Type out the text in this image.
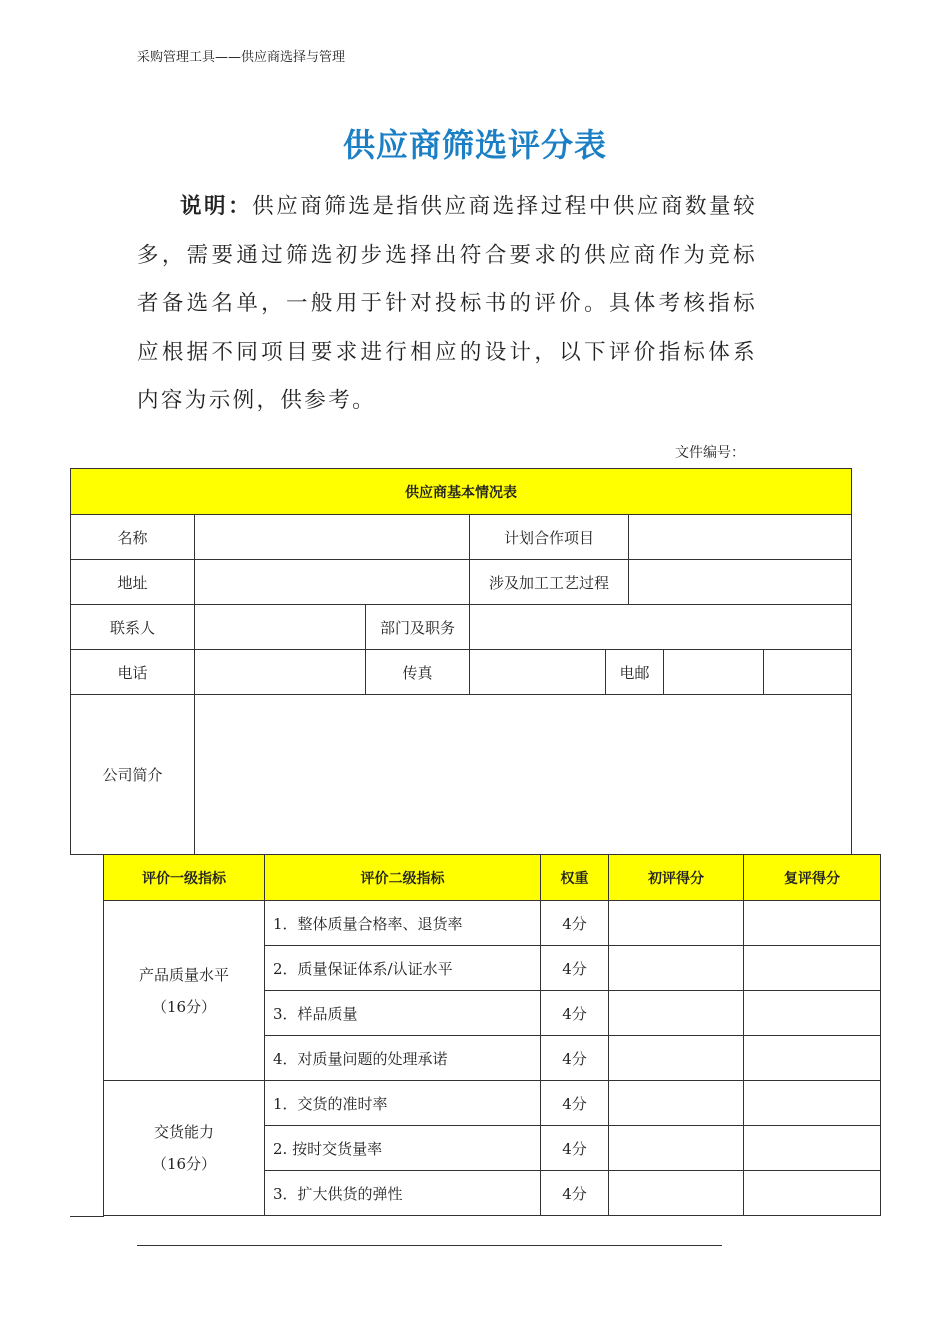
采购管理工具——供应商选择与管理
供应商筛选评分表
说明：供应商筛选是指供应商选择过程中供应商数量较多，需要通过筛选初步选择出符合要求的供应商作为竞标者备选名单，一般用于针对投标书的评价。具体考核指标应根据不同项目要求进行相应的设计，以下评价指标体系内容为示例，供参考。
文件编号：
供应商基本情况表					
名称			计划合作项目		
地址			涉及加工工艺过程		
联系人		部门及职务			
电话		传真	电邮		

公司简介					
评价一级指标	评价二级指标	权重	初评得分	复评得分

产品质量水平
（16分）	1．整体质量合格率、退货率	4分		
	2．质量保证体系/认证水平	4分		
	3．样品质量	4分		
	4．对质量问题的处理承诺	4分		

交货能力
（16分）	1．交货的准时率	4分		
	2. 按时交货量率	4分		
	3．扩大供货的弹性	4分		
